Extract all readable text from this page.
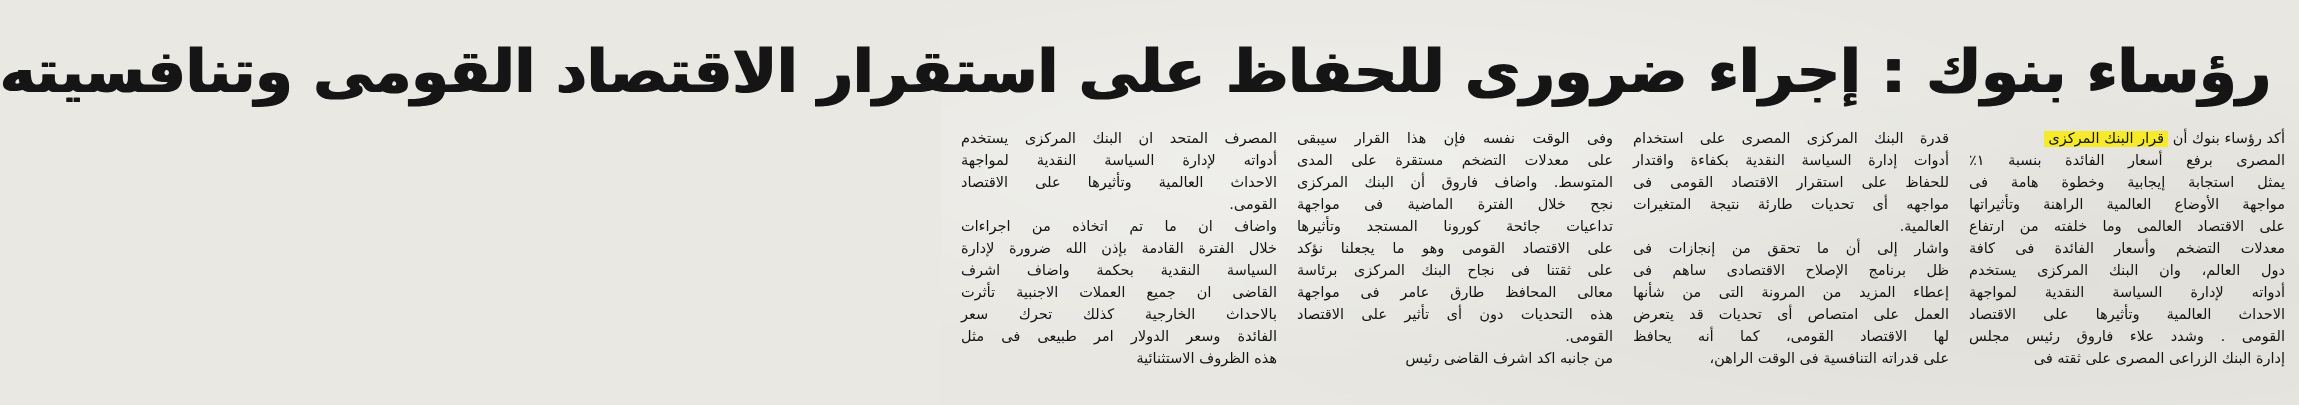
رؤساء بنوك : إجراء ضرورى للحفاظ على استقرار الاقتصاد القومى وتنافسيته
أكد رؤساء بنوك أن قرار البنك المركزى
المصرى برفع أسعار الفائدة بنسبة ١٪
يمثل استجابة إيجابية وخطوة هامة فى
مواجهة الأوضاع العالمية الراهنة وتأثيراتها
على الاقتصاد العالمى وما خلفته من ارتفاع
معدلات التضخم وأسعار الفائدة فى كافة
دول العالم، وان البنك المركزى يستخدم
أدواته لإدارة السياسة النقدية لمواجهة
الاحداث العالمية وتأثيرها على الاقتصاد
القومى . وشدد علاء فاروق رئيس مجلس
إدارة البنك الزراعى المصرى على ثقته فى
قدرة البنك المركزى المصرى على استخدام
أدوات إدارة السياسة النقدية بكفاءة واقتدار
للحفاظ على استقرار الاقتصاد القومى فى
مواجهه أى تحديات طارئة نتيجة المتغيرات
العالمية.
واشار إلى أن ما تحقق من إنجازات فى
ظل برنامج الإصلاح الاقتصادى ساهم فى
إعطاء المزيد من المرونة التى من شأنها
العمل على امتصاص أى تحديات قد يتعرض
لها الاقتصاد القومى، كما أنه يحافظ
على قدراته التنافسية فى الوقت الراهن،
وفى الوقت نفسه فإن هذا القرار سيبقى
على معدلات التضخم مستقرة على المدى
المتوسط. واضاف فاروق أن البنك المركزى
نجح خلال الفترة الماضية فى مواجهة
تداعيات جائحة كورونا المستجد وتأثيرها
على الاقتصاد القومى وهو ما يجعلنا نؤكد
على ثقتنا فى نجاح البنك المركزى برئاسة
معالى المحافظ طارق عامر فى مواجهة
هذه التحديات دون أى تأثير على الاقتصاد
القومى.
من جانبه اكد اشرف القاضى رئيس
المصرف المتحد ان البنك المركزى يستخدم
أدواته لإدارة السياسة النقدية لمواجهة
الاحداث العالمية وتأثيرها على الاقتصاد
القومى.
واضاف ان ما تم اتخاذه من اجراءات
خلال الفترة القادمة بإذن الله ضرورة لإدارة
السياسة النقدية بحكمة واضاف اشرف
القاضى ان جميع العملات الاجنبية تأثرت
بالاحداث الخارجية كذلك تحرك سعر
الفائدة وسعر الدولار امر طبيعى فى مثل
هذه الظروف الاستثنائية
